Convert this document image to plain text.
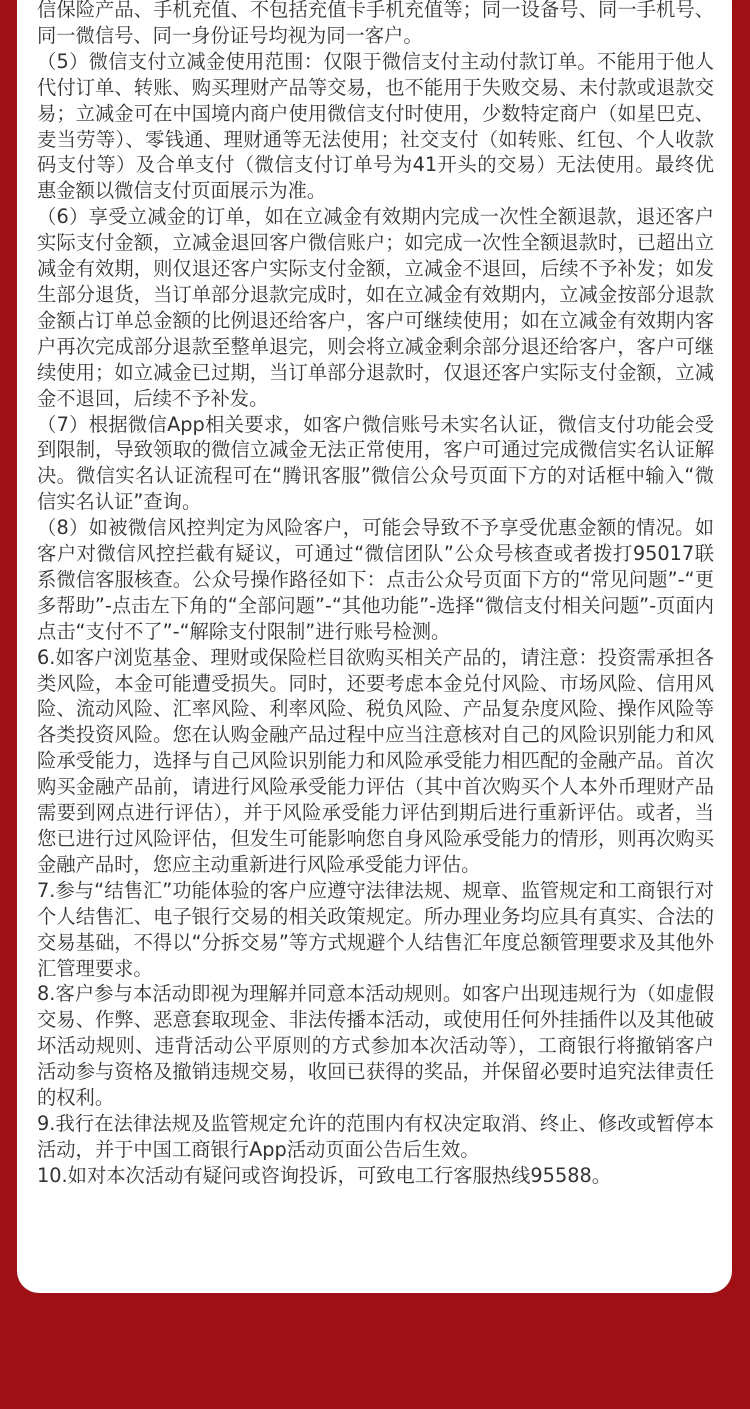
信保险产品、手机充值、不包括充值卡手机充值等；同一设备号、同一手机号、同一微信号、同一身份证号均视为同一客户。

（5）微信支付立减金使用范围：仅限于微信支付主动付款订单。不能用于他人代付订单、转账、购买理财产品等交易，也不能用于失败交易、未付款或退款交易；立减金可在中国境内商户使用微信支付时使用，少数特定商户（如星巴克、麦当劳等）、零钱通、理财通等无法使用；社交支付（如转账、红包、个人收款码支付等）及合单支付（微信支付订单号为41开头的交易）无法使用。最终优惠金额以微信支付页面展示为准。

（6）享受立减金的订单，如在立减金有效期内完成一次性全额退款，退还客户实际支付金额，立减金退回客户微信账户；如完成一次性全额退款时，已超出立减金有效期，则仅退还客户实际支付金额，立减金不退回，后续不予补发；如发生部分退货，当订单部分退款完成时，如在立减金有效期内，立减金按部分退款金额占订单总金额的比例退还给客户，客户可继续使用；如在立减金有效期内客户再次完成部分退款至整单退完，则会将立减金剩余部分退还给客户，客户可继续使用；如立减金已过期，当订单部分退款时，仅退还客户实际支付金额，立减金不退回，后续不予补发。

（7）根据微信App相关要求，如客户微信账号未实名认证，微信支付功能会受到限制，导致领取的微信立减金无法正常使用，客户可通过完成微信实名认证解决。微信实名认证流程可在“腾讯客服”微信公众号页面下方的对话框中输入“微信实名认证”查询。

（8）如被微信风控判定为风险客户，可能会导致不予享受优惠金额的情况。如客户对微信风控拦截有疑议，可通过“微信团队”公众号核查或者拨打95017联系微信客服核查。公众号操作路径如下：点击公众号页面下方的“常见问题”-“更多帮助”-点击左下角的“全部问题”-“其他功能”-选择“微信支付相关问题”-页面内点击“支付不了”-“解除支付限制”进行账号检测。

6.如客户浏览基金、理财或保险栏目欲购买相关产品的，请注意：投资需承担各类风险，本金可能遭受损失。同时，还要考虑本金兑付风险、市场风险、信用风险、流动风险、汇率风险、利率风险、税负风险、产品复杂度风险、操作风险等各类投资风险。您在认购金融产品过程中应当注意核对自己的风险识别能力和风险承受能力，选择与自己风险识别能力和风险承受能力相匹配的金融产品。首次购买金融产品前，请进行风险承受能力评估（其中首次购买个人本外币理财产品需要到网点进行评估），并于风险承受能力评估到期后进行重新评估。或者，当您已进行过风险评估，但发生可能影响您自身风险承受能力的情形，则再次购买金融产品时，您应主动重新进行风险承受能力评估。

7.参与“结售汇”功能体验的客户应遵守法律法规、规章、监管规定和工商银行对个人结售汇、电子银行交易的相关政策规定。所办理业务均应具有真实、合法的交易基础，不得以“分拆交易”等方式规避个人结售汇年度总额管理要求及其他外汇管理要求。

8.客户参与本活动即视为理解并同意本活动规则。如客户出现违规行为（如虚假交易、作弊、恶意套取现金、非法传播本活动，或使用任何外挂插件以及其他破坏活动规则、违背活动公平原则的方式参加本次活动等），工商银行将撤销客户活动参与资格及撤销违规交易，收回已获得的奖品，并保留必要时追究法律责任的权利。

9.我行在法律法规及监管规定允许的范围内有权决定取消、终止、修改或暂停本活动，并于中国工商银行App活动页面公告后生效。

10.如对本次活动有疑问或咨询投诉，可致电工行客服热线95588。
